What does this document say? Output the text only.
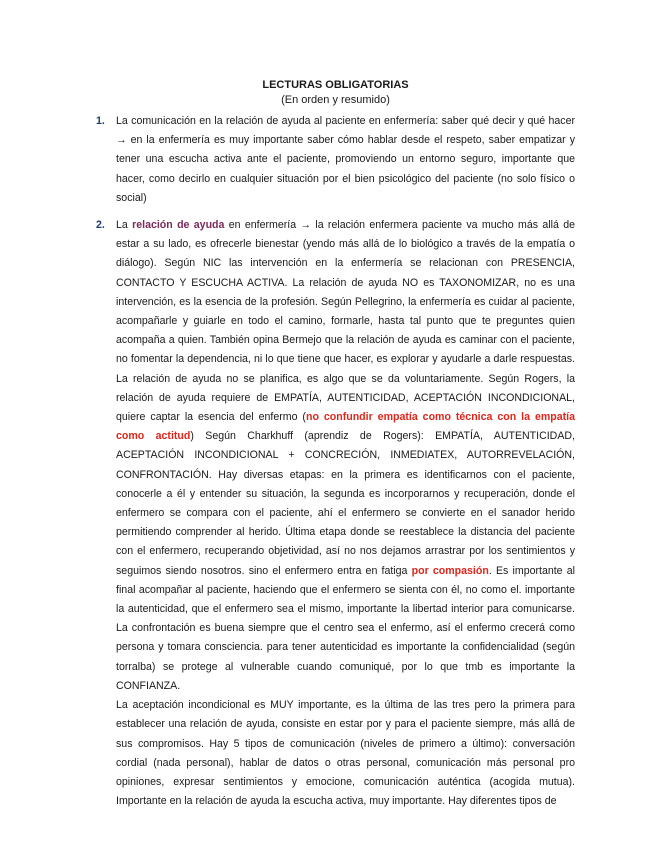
LECTURAS OBLIGATORIAS
(En orden y resumido)
1. La comunicación en la relación de ayuda al paciente en enfermería: saber qué decir y qué hacer → en la enfermería es muy importante saber cómo hablar desde el respeto, saber empatizar y tener una escucha activa ante el paciente, promoviendo un entorno seguro, importante que hacer, como decirlo en cualquier situación por el bien psicológico del paciente (no solo físico o social)

2. La relación de ayuda en enfermería → la relación enfermera paciente va mucho más allá de estar a su lado, es ofrecerle bienestar (yendo más allá de lo biológico a través de la empatía o diálogo). Según NIC las intervención en la enfermería se relacionan con PRESENCIA, CONTACTO Y ESCUCHA ACTIVA. La relación de ayuda NO es TAXONOMIZAR, no es una intervención, es la esencia de la profesión. Según Pellegrino, la enfermería es cuidar al paciente, acompañarle y guiarle en todo el camino, formarle, hasta tal punto que te preguntes quien acompaña a quien. También opina Bermejo que la relación de ayuda es caminar con el paciente, no fomentar la dependencia, ni lo que tiene que hacer, es explorar y ayudarle a darle respuestas. La relación de ayuda no se planifica, es algo que se da voluntariamente. Según Rogers, la relación de ayuda requiere de EMPATÍA, AUTENTICIDAD, ACEPTACIÓN INCONDICIONAL, quiere captar la esencia del enfermo (no confundir empatía como técnica con la empatía como actitud) Según Charkhuff (aprendiz de Rogers): EMPATÍA, AUTENTICIDAD, ACEPTACIÓN INCONDICIONAL + CONCRECIÓN, INMEDIATEX, AUTORREVELACIÓN, CONFRONTACIÓN. Hay diversas etapas: en la primera es identificarnos con el paciente, conocerle a él y entender su situación, la segunda es incorporarnos y recuperación, donde el enfermero se compara con el paciente, ahí el enfermero se convierte en el sanador herido permitiendo comprender al herido. Última etapa donde se reestablece la distancia del paciente con el enfermero, recuperando objetividad, así no nos dejamos arrastrar por los sentimientos y seguimos siendo nosotros. sino el enfermero entra en fatiga por compasión. Es importante al final acompañar al paciente, haciendo que el enfermero se sienta con él, no como el. importante la autenticidad, que el enfermero sea el mismo, importante la libertad interior para comunicarse. La confrontación es buena siempre que el centro sea el enfermo, así el enfermo crecerá como persona y tomara consciencia. para tener autenticidad es importante la confidencialidad (según torralba) se protege al vulnerable cuando comuniqué, por lo que tmb es importante la CONFIANZA.

La aceptación incondicional es MUY importante, es la última de las tres pero la primera para establecer una relación de ayuda, consiste en estar por y para el paciente siempre, más allá de sus compromisos. Hay 5 tipos de comunicación (niveles de primero a último): conversación cordial (nada personal), hablar de datos o otras personal, comunicación más personal pro opiniones, expresar sentimientos y emocione, comunicación auténtica (acogida mutua). Importante en la relación de ayuda la escucha activa, muy importante. Hay diferentes tipos de
